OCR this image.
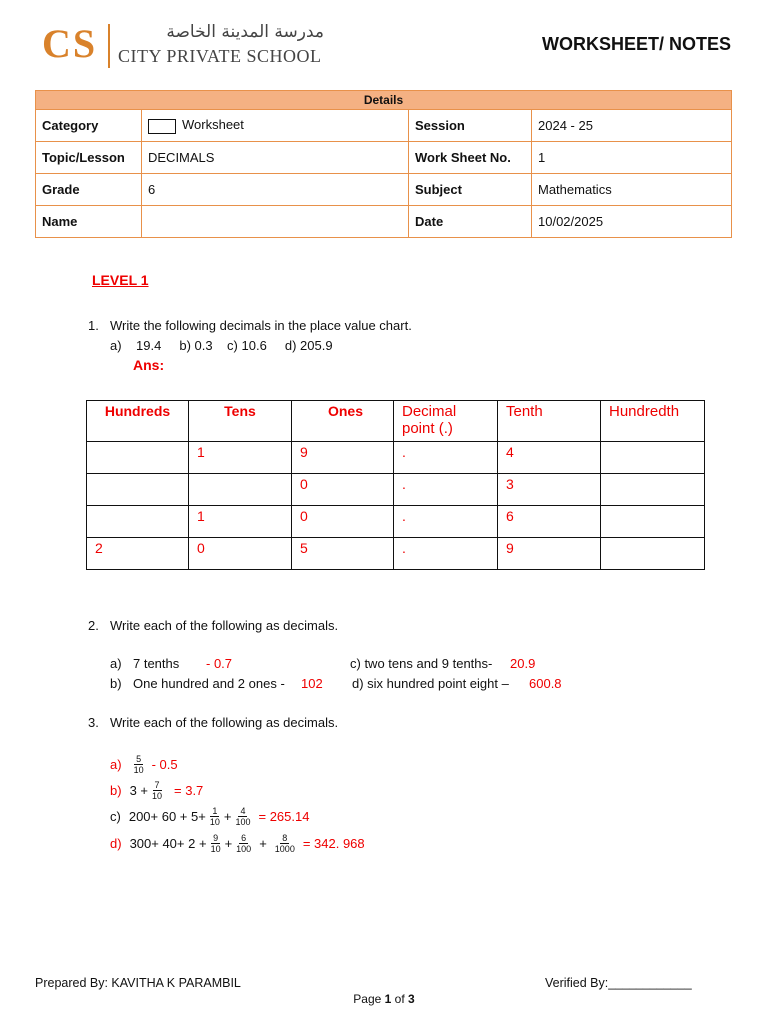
CS	مدرسة المدينة الخاصة
CITY PRIVATE SCHOOL
WORKSHEET/ NOTES
Details			
Category	Worksheet	Session	2024 - 25
Topic/Lesson	DECIMALS	Work Sheet No.	1
Grade	6	Subject	Mathematics
Name		Date	10/02/2025
LEVEL 1
1. Write the following decimals in the place value chart.
a)    19.4     b) 0.3    c) 10.6     d) 205.9
Ans:
Hundreds	Tens	Ones	Decimal point (.)	Tenth	Hundredth
	1	9	.	4	
		0	.	3	
	1	0	.	6	
2	0	5	.	9	
2. Write each of the following as decimals.
a) 7 tenths - 0.7	c) two tens and 9 tenths- 20.9
b) One hundred and 2 ones - 102 d) six hundred point eight – 600.8
3. Write each of the following as decimals.
$a) \frac{5}{10} - 0.5$
b) $3 + \frac{7}{10} = 3.7$
c) $200+ 60 + 5+ \frac{1}{10} + \frac{4}{100} = 265.14$
d) $300+ 40+ 2 + \frac{9}{10} + \frac{6}{100} + \frac{8}{1000} = 342$. 968
Prepared By: KAVITHA K PARAMBIL	Verified By:____________
Page 1 of 3
